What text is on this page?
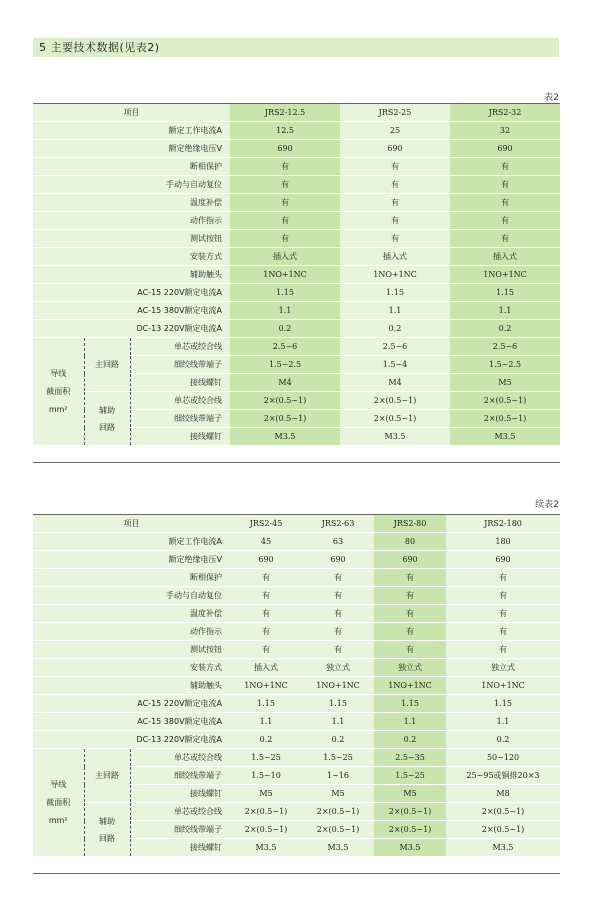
5 主要技术数据(见表2)
表2
项目			JRS2-12.5	JRS2-25	JRS2-32
额定工作电流A			12.5	25	32
额定绝缘电压V			690	690	690
断相保护			有	有	有
手动与自动复位			有	有	有
温度补偿			有	有	有
动作指示			有	有	有
测试按钮			有	有	有
安装方式			插入式	插入式	插入式
辅助触头			1NO+1NC	1NO+1NC	1NO+1NC
AC-15 220V额定电流A			1.15	1.15	1.15
AC-15 380V额定电流A			1.1	1.1	1.1
DC-13 220V额定电流A			0.2	0.2	0.2

导线
截面积
mm²	主回路	单芯或绞合线	2.5~6	2.5~6	2.5~6
		细绞线带端子	1.5~2.5	1.5~4	1.5~2.5
		接线螺钉	M4	M4	M5

	辅助
回路	单芯或绞合线	2×(0.5~1)	2×(0.5~1)	2×(0.5~1)
		细绞线带端子	2×(0.5~1)	2×(0.5~1)	2×(0.5~1)
		接线螺钉	M3.5	M3.5	M3.5
续表2
项目			JRS2-45	JRS2-63	JRS2-80	JRS2-180
额定工作电流A			45	63	80	180
额定绝缘电压V			690	690	690	690
断相保护			有	有	有	有
手动与自动复位			有	有	有	有
温度补偿			有	有	有	有
动作指示			有	有	有	有
测试按钮			有	有	有	有
安装方式			插入式	独立式	独立式	独立式
辅助触头			1NO+1NC	1NO+1NC	1NO+1NC	1NO+1NC
AC-15 220V额定电流A			1.15	1.15	1.15	1.15
AC-15 380V额定电流A			1.1	1.1	1.1	1.1
DC-13 220V额定电流A			0.2	0.2	0.2	0.2

导线
截面积
mm²	主回路	单芯或绞合线	1.5~25	1.5~25	2.5~35	50~120
		细绞线带端子	1.5~10	1~16	1.5~25	25~95或铜排20×3
		接线螺钉	M5	M5	M5	M8

	辅助
回路	单芯或绞合线	2×(0.5~1)	2×(0.5~1)	2×(0.5~1)	2×(0.5~1)
		细绞线带端子	2×(0.5~1)	2×(0.5~1)	2×(0.5~1)	2×(0.5~1)
		接线螺钉	M3.5	M3.5	M3.5	M3.5
